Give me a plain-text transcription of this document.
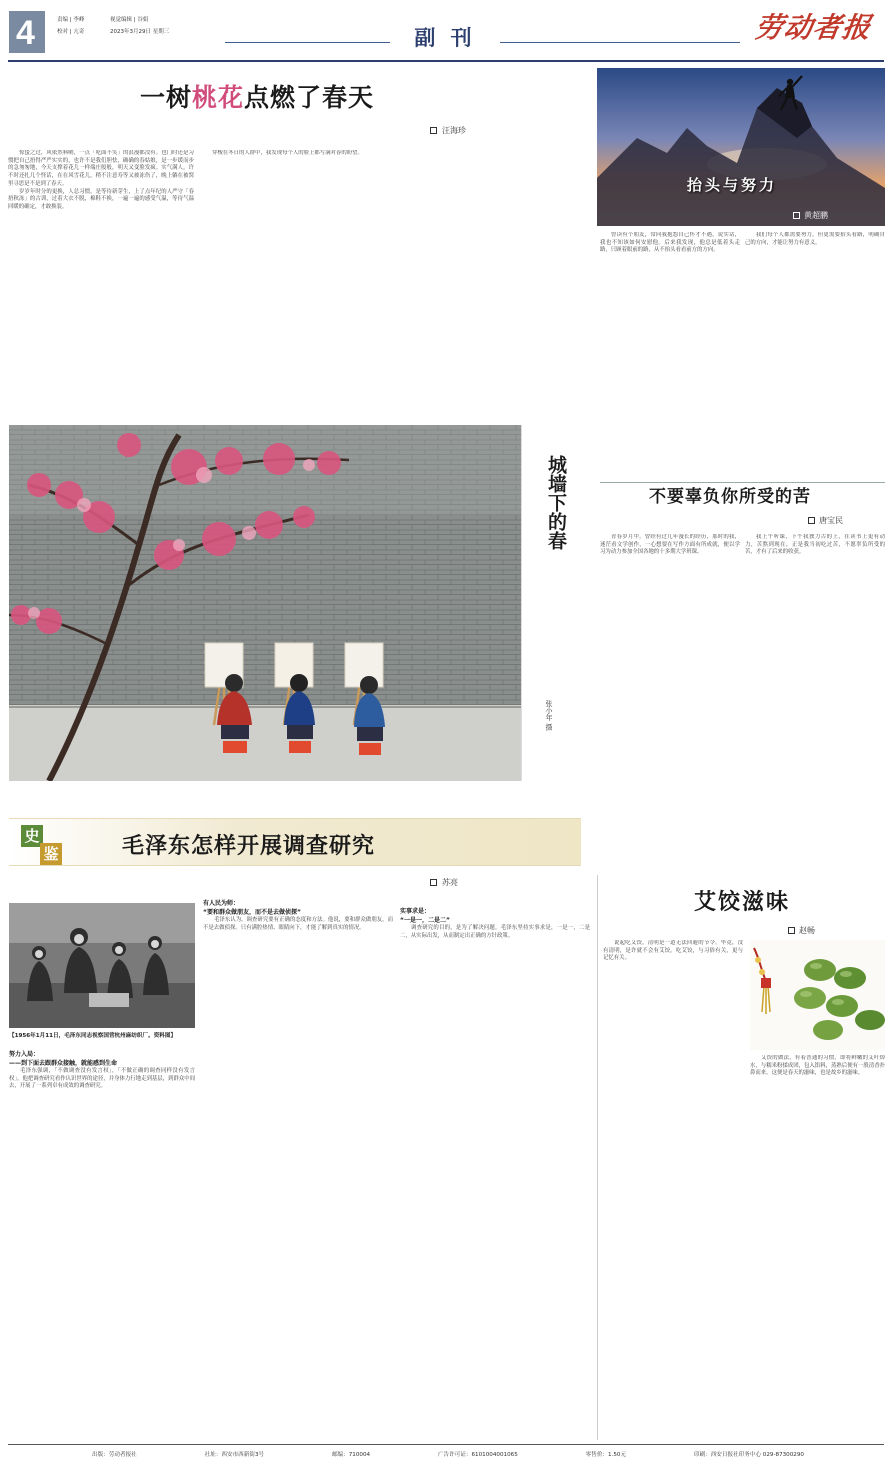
4	责编 | 李峰
校对 | 亢奇
视觉编辑 | 谷娟
2023年3月29日 星期三	副 刊	劳动者报
一树桃花点燃了春天
汪海珍

惊蛰之过，风依然料峭，一点「吃面不笑」的浪漫都没有。也门时还是习惯把自己捂得严严实实的，也许不是我们胆怯，确确的春姑娘，是一步缓而步的急匆匆地，今天支撑着花儿一样端庄般般，明天又变脸发疯。实气满人，许不时还扎几个怪话，在在风雪花儿，稍不注意寿等又被冻伤了，晚上躺在被窝里寻思是不是到了春天。

岁岁年时分的更换，人总习惯，是等待新芽生，上了点年纪的人严守「春捂秋冻」的古训，过着大衣不脱，棉鞋不换，一遍一遍的感受气温，等待气温回暖的确定，才敢换装。

穿梭在冬日的人群中，我发现每个人的脸上都写满对春的盼望。

城墙下的春
张小年 摄
抬头与努力
黄超鹏

曾读有个朋友，常向我抱怨自己怀才不遇，说实话，我也不知该如何安慰他。后来我发现，他总是低着头走路，只顾着眼前的路，从不抬头看看前方的方向。

我们每个人都需要努力，但更需要抬头看路，明确自己的方向，才能让努力有意义。

不要辜负你所受的苦
唐宝民

青春岁月中，曾经有过几年漫长的经历，那时的我，迷茫看文学创作，一心想要在写作方面有所成就，便以学习为动力参加全国各地的十多期大学班课。

我上午听课，下午我独力古的上，在读书上更有动力，苦熬到现在，正是我当初吃过苦，不愿辜负所受的苦，才有了后来的收获。

史
鉴	毛泽东怎样开展调查研究
苏亮
【1956年1月11日，毛泽东同志视察国营杭州麻纺织厂。资料图】
努力入局：
——到下面去跟群众接触，就能感到生命

毛泽东强调，「不做调查没有发言权」，「不做正确的调查同样没有发言权」。他把调查研究看作认识世界的途径，并身体力行地走到基层，到群众中间去，开展了一系列卓有成效的调查研究。

有人民为师：
“要和群众做朋友，而不是去做侦探”

毛泽东认为，调查研究要有正确的态度和方法。他说，要和群众做朋友，而不是去做侦探。只有满腔热情、眼睛向下，才能了解到真实的情况。

实事求是：
“一是一，二是二”

调查研究的目的，是为了解决问题。毛泽东坚持实事求是，一是一，二是二，从实际出发，从而制定出正确的方针政策。

艾饺滋味
赵畅

说起吃艾饺，清明是一道无法回避的节令。毕竟，没有清明，是许就不会有艾饺。吃艾饺，与习俗有关，更与记忆有关。

艾饺的做法，有着普通的习惯，即将鲜嫩的艾叶焯水，与糯米粉揉成团，包入馅料，蒸熟后便有一股清香扑鼻而来。这便是春天的滋味，也是故乡的滋味。

出版：劳动者报社	社址：西安市西新街3号	邮编：710004	广告许可证：6101004001065	零售价：1.50元	印刷：西安日报社印务中心 029-87300290
